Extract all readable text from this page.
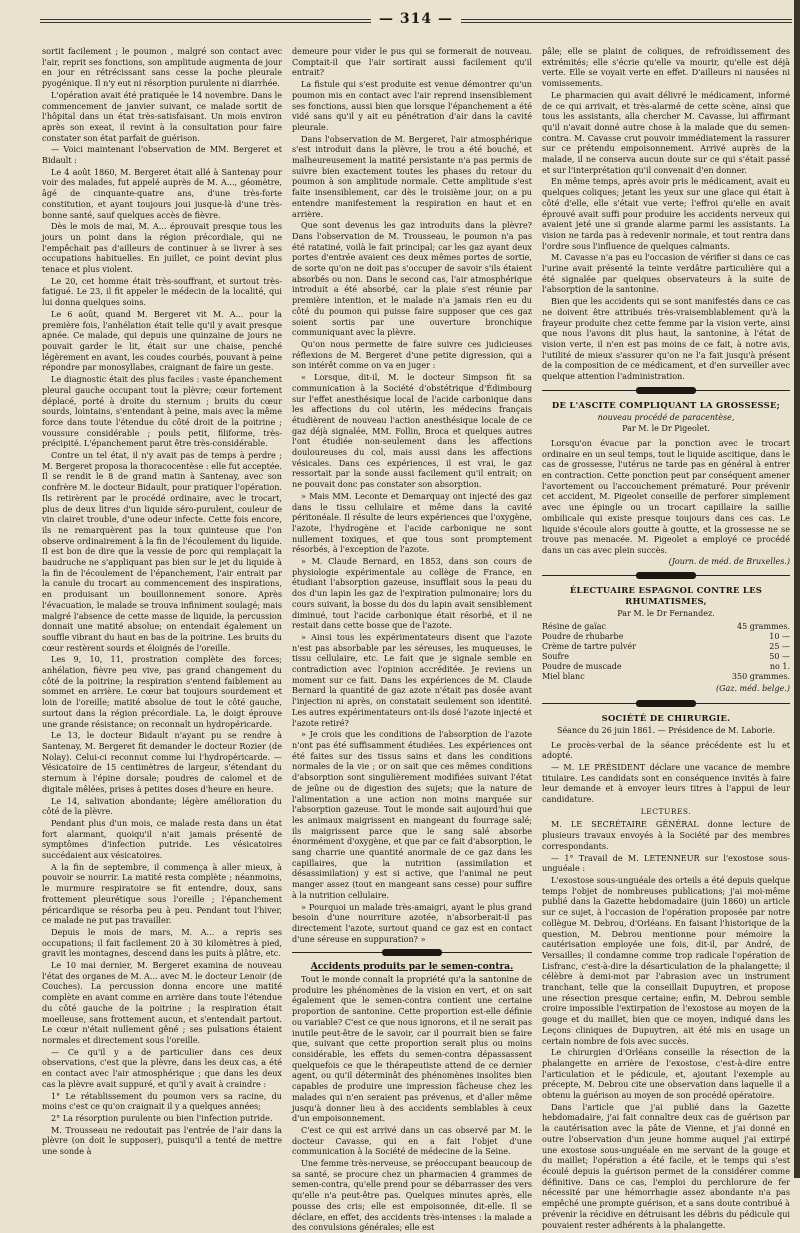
— 314 —

sortit facilement ; le poumon , malgré son contact avec l'air, reprit ses fonctions, son amplitude augmenta de jour en jour en rétrécissant sans cesse la poche pleurale pyogénique. Il n'y eut ni résorption purulente ni diarrhée.

L'opération avait été pratiquée le 14 novembre. Dans le commencement de janvier suivant, ce malade sortit de l'hôpital dans un état très-satisfaisant. Un mois environ après son exeat, il revint à la consultation pour faire constater son état parfait de guérison.

— Voici maintenant l'observation de MM. Bergeret et Bidault :

Le 4 août 1860, M. Bergeret était allé à Santenay pour voir des malades, fut appelé auprès de M. A..., géomètre, âgé de cinquante-quatre ans, d'une très-forte constitution, et ayant toujours joui jusque-là d'une très-bonne santé, sauf quelques accès de fièvre.

Dès le mois de mai, M. A... éprouvait presque tous les jours un point dans la région précordiale, qui ne l'empêchait pas d'ailleurs de continuer à se livrer à ses occupations habituelles. En juillet, ce point devint plus tenace et plus violent.

Le 20, cet homme était très-souffrant, et surtout très-fatigué. Le 23, il fit appeler le médecin de la localité, qui lui donna quelques soins.

Le 6 août, quand M. Bergeret vit M. A... pour la première fois, l'anhélation était telle qu'il y avait presque apnée. Ce malade, qui depuis une quinzaine de jours ne pouvait garder le lit, était sur une chaise, penché légèrement en avant, les coudes courbés, pouvant à peine répondre par monosyllabes, craignant de faire un geste.

Le diagnostic était des plus faciles : vaste épanchement pleural gauche occupant tout la plèvre; cœur fortement déplacé, porté à droite du sternum ; bruits du cœur sourds, lointains, s'entendant à peine, mais avec la même force dans toute l'étendue du côté droit de la poitrine ; voussure considérable ; pouls petit, filiforme, très-précipité. L'épanchement parut être très-considérable.

Contre un tel état, il n'y avait pas de temps à perdre ; M. Bergeret proposa la thoracocentèse : elle fut acceptée. Il se rendit le 8 de grand matin à Santenay, avec son confrère M. le docteur Bidault, pour pratiquer l'opération. Ils retirèrent par le procédé ordinaire, avec le trocart, plus de deux litres d'un liquide séro-purulent, couleur de vin clairet trouble, d'une odeur infecte. Cette fois encore, ils ne remarquèrent pas la toux quinteuse que l'on observe ordinairement à la fin de l'écoulement du liquide. Il est bon de dire que la vessie de porc qui remplaçait la baudruche ne s'appliquant pas bien sur le jet du liquide à la fin de l'écoulement de l'épanchement, l'air entrait par la canule du trocart au commencement des inspirations, en produisant un bouillonnement sonore. Après l'évacuation, le malade se trouva infiniment soulagé; mais malgré l'absence de cette masse de liquide, la percussion donnait une matité absolue; on entendait également un souffle vibrant du haut en bas de la poitrine. Les bruits du cœur restèrent sourds et éloignés de l'oreille.

Les 9, 10, 11, prostration complète des forces; anhélation, fièvre peu vive, pas grand changement du côté de la poitrine; la respiration s'entend faiblement au sommet en arrière. Le cœur bat toujours sourdement et loin de l'oreille; matité absolue de tout le côté gauche, surtout dans la région précordiale. La, le doigt éprouve une grande résistance; on reconnaît un hydropéricarde.

Le 13, le docteur Bidault n'ayant pu se rendre à Santenay, M. Bergeret fit demander le docteur Rozier (de Nolay). Celui-ci reconnut comme lui l'hydropéricarde. — Vésicatoire de 15 centimètres de largeur, s'étendant du sternum à l'épine dorsale; poudres de calomel et de digitale mêlées, prises à petites doses d'heure en heure.

Le 14, salivation abondante; légère amélioration du côté de la plèvre.

Pendant plus d'un mois, ce malade resta dans un état fort alarmant, quoiqu'il n'ait jamais présenté de symptômes d'infection putride. Les vésicatoires succédaient aux vésicatoires.

A la fin de septembre, il commença à aller mieux, à pouvoir se nourrir. La matité resta complète ; néanmoins, le murmure respiratoire se fit entendre, doux, sans frottement pleurétique sous l'oreille ; l'épanchement péricardique se résorba peu à peu. Pendant tout l'hiver, ce malade ne put pas travailler.

Depuis le mois de mars, M. A... a repris ses occupations; il fait facilement 20 à 30 kilomètres à pied, gravit les montagnes, descend dans les puits à plâtre, etc.

Le 10 mai dernier, M. Bergeret examina de nouveau l'état des organes de M. A... avec M. le docteur Lenoir (de Couches). La percussion donna encore une matité complète en avant comme en arrière dans toute l'étendue du côté gauche de la poitrine ; la respiration était moelleuse, sans frottement aucun, et s'entendait partout. Le cœur n'était nullement gêné ; ses pulsations étaient normales et directement sous l'oreille.

— Ce qu'il y a de particulier dans ces deux observations, c'est que la plèvre, dans les deux cas, a été en contact avec l'air atmosphérique ; que dans les deux cas la plèvre avait suppuré, et qu'il y avait à craindre :

1° Le rétablissement du poumon vers sa racine, du moins c'est ce qu'on craignait il y a quelques années;

2° La résorption purulente ou bien l'infection putride.

M. Trousseau ne redoutait pas l'entrée de l'air dans la plèvre (on doit le supposer), puisqu'il a tenté de mettre une sonde à

demeure pour vider le pus qui se formerait de nouveau. Comptait-il que l'air sortirait aussi facilement qu'il entrait?

La fistule qui s'est produite est venue démontrer qu'un poumon mis en contact avec l'air reprend insensiblement ses fonctions, aussi bien que lorsque l'épanchement a été vidé sans qu'il y ait eu pénétration d'air dans la cavité pleurale.

Dans l'observation de M. Bergeret, l'air atmosphérique s'est introduit dans la plèvre, le trou a été bouché, et malheureusement la matité persistante n'a pas permis de suivre bien exactement toutes les phases du retour du poumon à son amplitude normale. Cette amplitude s'est faite insensiblement, car dès le troisième jour, on a pu entendre manifestement la respiration en haut et en arrière.

Que sont devenus les gaz introduits dans la plèvre? Dans l'observation de M. Trousseau, le poumon n'a pas été ratatiné, voilà le fait principal; car les gaz ayant deux portes d'entrée avaient ces deux mêmes portes de sortie, de sorte qu'on ne doit pas s'occuper de savoir s'ils étaient absorbés ou non. Dans le second cas, l'air atmosphérique introduit a été absorbé, car la plaie s'est réunie par première intention, et le malade n'a jamais rien eu du côté du poumon qui puisse faire supposer que ces gaz soient sortis par une ouverture bronchique communiquant avec la plèvre.

Qu'on nous permette de faire suivre ces judicieuses réflexions de M. Bergeret d'une petite digression, qui a son intérêt comme on va en juger :

« Lorsque, dit-il, M. le docteur Simpson fit sa communication à la Société d'obstétrique d'Édimbourg sur l'effet anesthésique local de l'acide carbonique dans les affections du col utérin, les médecins français étudièrent de nouveau l'action anesthésique locale de ce gaz déjà signalée, MM. Follin, Broca et quelques autres l'ont étudiée non-seulement dans les affections douloureuses du col, mais aussi dans les affections vésicales. Dans ces expériences, il est vrai, le gaz ressortait par la sonde aussi facilement qu'il entrait; on ne pouvait donc pas constater son absorption.

» Mais MM. Leconte et Demarquay ont injecté des gaz dans le tissu cellulaire et même dans la cavité péritonéale. Il résulte de leurs expériences que l'oxygène, l'azote, l'hydrogène et l'acide carbonique ne sont nullement toxiques, et que tous sont promptement résorbés, à l'exception de l'azote.

» M. Claude Bernard, en 1853, dans son cours de physiologie expérimentale au collège de France, en étudiant l'absorption gazeuse, insufflait sous la peau du dos d'un lapin les gaz de l'expiration pulmonaire; lors du cours suivant, la bosse du dos du lapin avait sensiblement diminué, tout l'acide carbonique était résorbé, et il ne restait dans cette bosse que de l'azote.

» Ainsi tous les expérimentateurs disent que l'azote n'est pas absorbable par les séreuses, les muqueuses, le tissu cellulaire, etc. Le fait que je signale semble en contradiction avec l'opinion accréditée. Je reviens un moment sur ce fait. Dans les expériences de M. Claude Bernard la quantité de gaz azote n'était pas dosée avant l'injection ni après, on constatait seulement son identité. Les autres expérimentateurs ont-ils dosé l'azote injecté et l'azote retiré?

» Je crois que les conditions de l'absorption de l'azote n'ont pas été suffisamment étudiées. Les expériences ont été faites sur des tissus sains et dans les conditions normales de la vie ; or on sait que ces mêmes conditions d'absorption sont singulièrement modifiées suivant l'état de jeûne ou de digestion des sujets; que la nature de l'alimentation a une action non moins marquée sur l'absorption gazeuse. Tout le monde sait aujourd'hui que les animaux maigrissent en mangeant du fourrage salé; ils maigrissent parce que le sang salé absorbe énormément d'oxygène, et que par ce fait d'absorption, le sang charrie une quantité anormale de ce gaz dans les capillaires, que la nutrition (assimilation et désassimilation) y est si active, que l'animal ne peut manger assez (tout en mangeant sans cesse) pour suffire à la nutrition cellulaire.

» Pourquoi un malade très-amaigri, ayant le plus grand besoin d'une nourriture azotée, n'absorberait-il pas directement l'azote, surtout quand ce gaz est en contact d'une séreuse en suppuration? »

Accidents produits par le semen-contra.

Tout le monde connaît la propriété qu'a la santonine de produire les phénomènes de la vision en vert, et on sait également que le semen-contra contient une certaine proportion de santonine. Cette proportion est-elle définie ou variable? C'est ce que nous ignorons, et il ne serait pas inutile peut-être de le savoir, car il pourrait bien se faire que, suivant que cette proportion serait plus ou moins considérable, les effets du semen-contra dépassassent quelquefois ce que le thérapeutiste attend de ce dernier agent, ou qu'il déterminât des phénomènes insolites bien capables de produire une impression fâcheuse chez les malades qui n'en seraient pas prévenus, et d'aller même jusqu'à donner lieu à des accidents semblables à ceux d'un empoisonnement.

C'est ce qui est arrivé dans un cas observé par M. le docteur Cavasse, qui en a fait l'objet d'une communication à la Société de médecine de la Seine.

Une femme très-nerveuse, se préoccupant beaucoup de sa santé, se procure chez un pharmacien 4 grammes de semen-contra, qu'elle prend pour se débarrasser des vers qu'elle n'a peut-être pas. Quelques minutes après, elle pousse des cris; elle est empoisonnée, dit-elle. Il se déclare, en effet, des accidents très-intenses : la malade a des convulsions générales; elle est

pâle; elle se plaint de coliques, de refroidissement des extrémités; elle s'écrie qu'elle va mourir, qu'elle est déjà verte. Elle se voyait verte en effet. D'ailleurs ni nausées ni vomissements.

Le pharmacien qui avait délivré le médicament, informé de ce qui arrivait, et très-alarmé de cette scène, ainsi que tous les assistants, alla chercher M. Cavasse, lui affirmant qu'il n'avait donné autre chose à la malade que du semen-contra. M. Cavasse crut pouvoir immédiatement la rassurer sur ce prétendu empoisonnement. Arrivé auprès de la malade, il ne conserva aucun doute sur ce qui s'était passé et sur l'interprétation qu'il convenait d'en donner.

En même temps, après avoir pris le médicament, avait eu quelques coliques; jetant les yeux sur une glace qui était à côté d'elle, elle s'était vue verte; l'effroi qu'elle en avait éprouvé avait suffi pour produire les accidents nerveux qui avaient jeté une si grande alarme parmi les assistants. La vision ne tarda pas à redevenir normale, et tout rentra dans l'ordre sous l'influence de quelques calmants.

M. Cavasse n'a pas eu l'occasion de vérifier si dans ce cas l'urine avait présenté la teinte verdâtre particulière qui a été signalée par quelques observateurs à la suite de l'absorption de la santonine.

Bien que les accidents qui se sont manifestés dans ce cas ne doivent être attribués très-vraisemblablement qu'à la frayeur produite chez cette femme par la vision verte, ainsi que nous l'avons dit plus haut, la santonine, à l'état de vision verte, il n'en est pas moins de ce fait, à notre avis, l'utilité de mieux s'assurer qu'on ne l'a fait jusqu'à présent de la composition de ce médicament, et d'en surveiller avec quelque attention l'administration.

DE L'ASCITE COMPLIQUANT LA GROSSESSE;
nouveau procédé de paracentèse,
Par M. le Dr Pigeolet.

Lorsqu'on évacue par la ponction avec le trocart ordinaire en un seul temps, tout le liquide ascitique, dans le cas de grossesse, l'utérus ne tarde pas en général à entrer en contraction. Cette ponction peut par conséquent amener l'avortement ou l'accouchement prématuré. Pour prévenir cet accident, M. Pigeolet conseille de perforer simplement avec une épingle ou un trocart capillaire la saillie ombilicale qui existe presque toujours dans ces cas. Le liquide s'écoule alors goutte à goutte, et la grossesse ne se trouve pas menacée. M. Pigeolet a employé ce procédé dans un cas avec plein succès.

(Journ. de méd. de Bruxelles.)
ÉLECTUAIRE ESPAGNOL CONTRE LES RHUMATISMES,
Par M. le Dr Fernandez.
Résine de gaïac	45 grammes.
Poudre de rhubarbe	10 —
Crème de tartre pulvér	25 —
Soufre	50 —
Poudre de muscade	no 1.
Miel blanc	350 grammes.
(Gaz. méd. belge.)
SOCIÉTÉ DE CHIRURGIE.
Séance du 26 juin 1861. — Présidence de M. Laborie.

Le procès-verbal de la séance précédente est lu et adopté.

— M. LE PRÉSIDENT déclare une vacance de membre titulaire. Les candidats sont en conséquence invités à faire leur demande et à envoyer leurs titres à l'appui de leur candidature.

LECTURES.

M. LE SECRÉTAIRE GÉNÉRAL donne lecture de plusieurs travaux envoyés à la Société par des membres correspondants.

— 1° Travail de M. LETENNEUR sur l'exostose sous-unguéale :

L'exostose sous-unguéale des orteils a été depuis quelque temps l'objet de nombreuses publications; j'ai moi-même publié dans la Gazette hebdomadaire (juin 1860) un article sur ce sujet, à l'occasion de l'opération proposée par notre collègue M. Debrou, d'Orléans. En faisant l'historique de la question, M. Debrou mentionne pour mémoire la cautérisation employée une fois, dit-il, par André, de Versailles; il condamne comme trop radicale l'opération de Lisfranc, c'est-à-dire la désarticulation de la phalangette; il célèbre à demi-mot par l'abrasion avec un instrument tranchant, telle que la conseillait Dupuytren, et propose une résection presque certaine; enfin, M. Debrou semble croire impossible l'extirpation de l'exostose au moyen de la gouge et du maillet, bien que ce moyen, indiqué dans les Leçons cliniques de Dupuytren, ait été mis en usage un certain nombre de fois avec succès.

Le chirurgien d'Orléans conseille la résection de la phalangette en arrière de l'exostose, c'est-à-dire entre l'articulation et le pédicule, et, ajoutant l'exemple au précepte, M. Debrou cite une observation dans laquelle il a obtenu la guérison au moyen de son procédé opératoire.

Dans l'article que j'ai publié dans la Gazette hebdomadaire, j'ai fait connaître deux cas de guérison par la cautérisation avec la pâte de Vienne, et j'ai donné en outre l'observation d'un jeune homme auquel j'ai extirpé une exostose sous-unguéale en me servant de la gouge et du maillet; l'opération a été facile, et le temps qui s'est écoulé depuis la guérison permet de la considérer comme définitive. Dans ce cas, l'emploi du perchlorure de fer nécessité par une hémorrhagie assez abondante n'a pas empêché une prompte guérison, et a sans doute contribué à prévenir la récidive en détruisant les débris du pédicule qui pouvaient rester adhérents à la phalangette.
